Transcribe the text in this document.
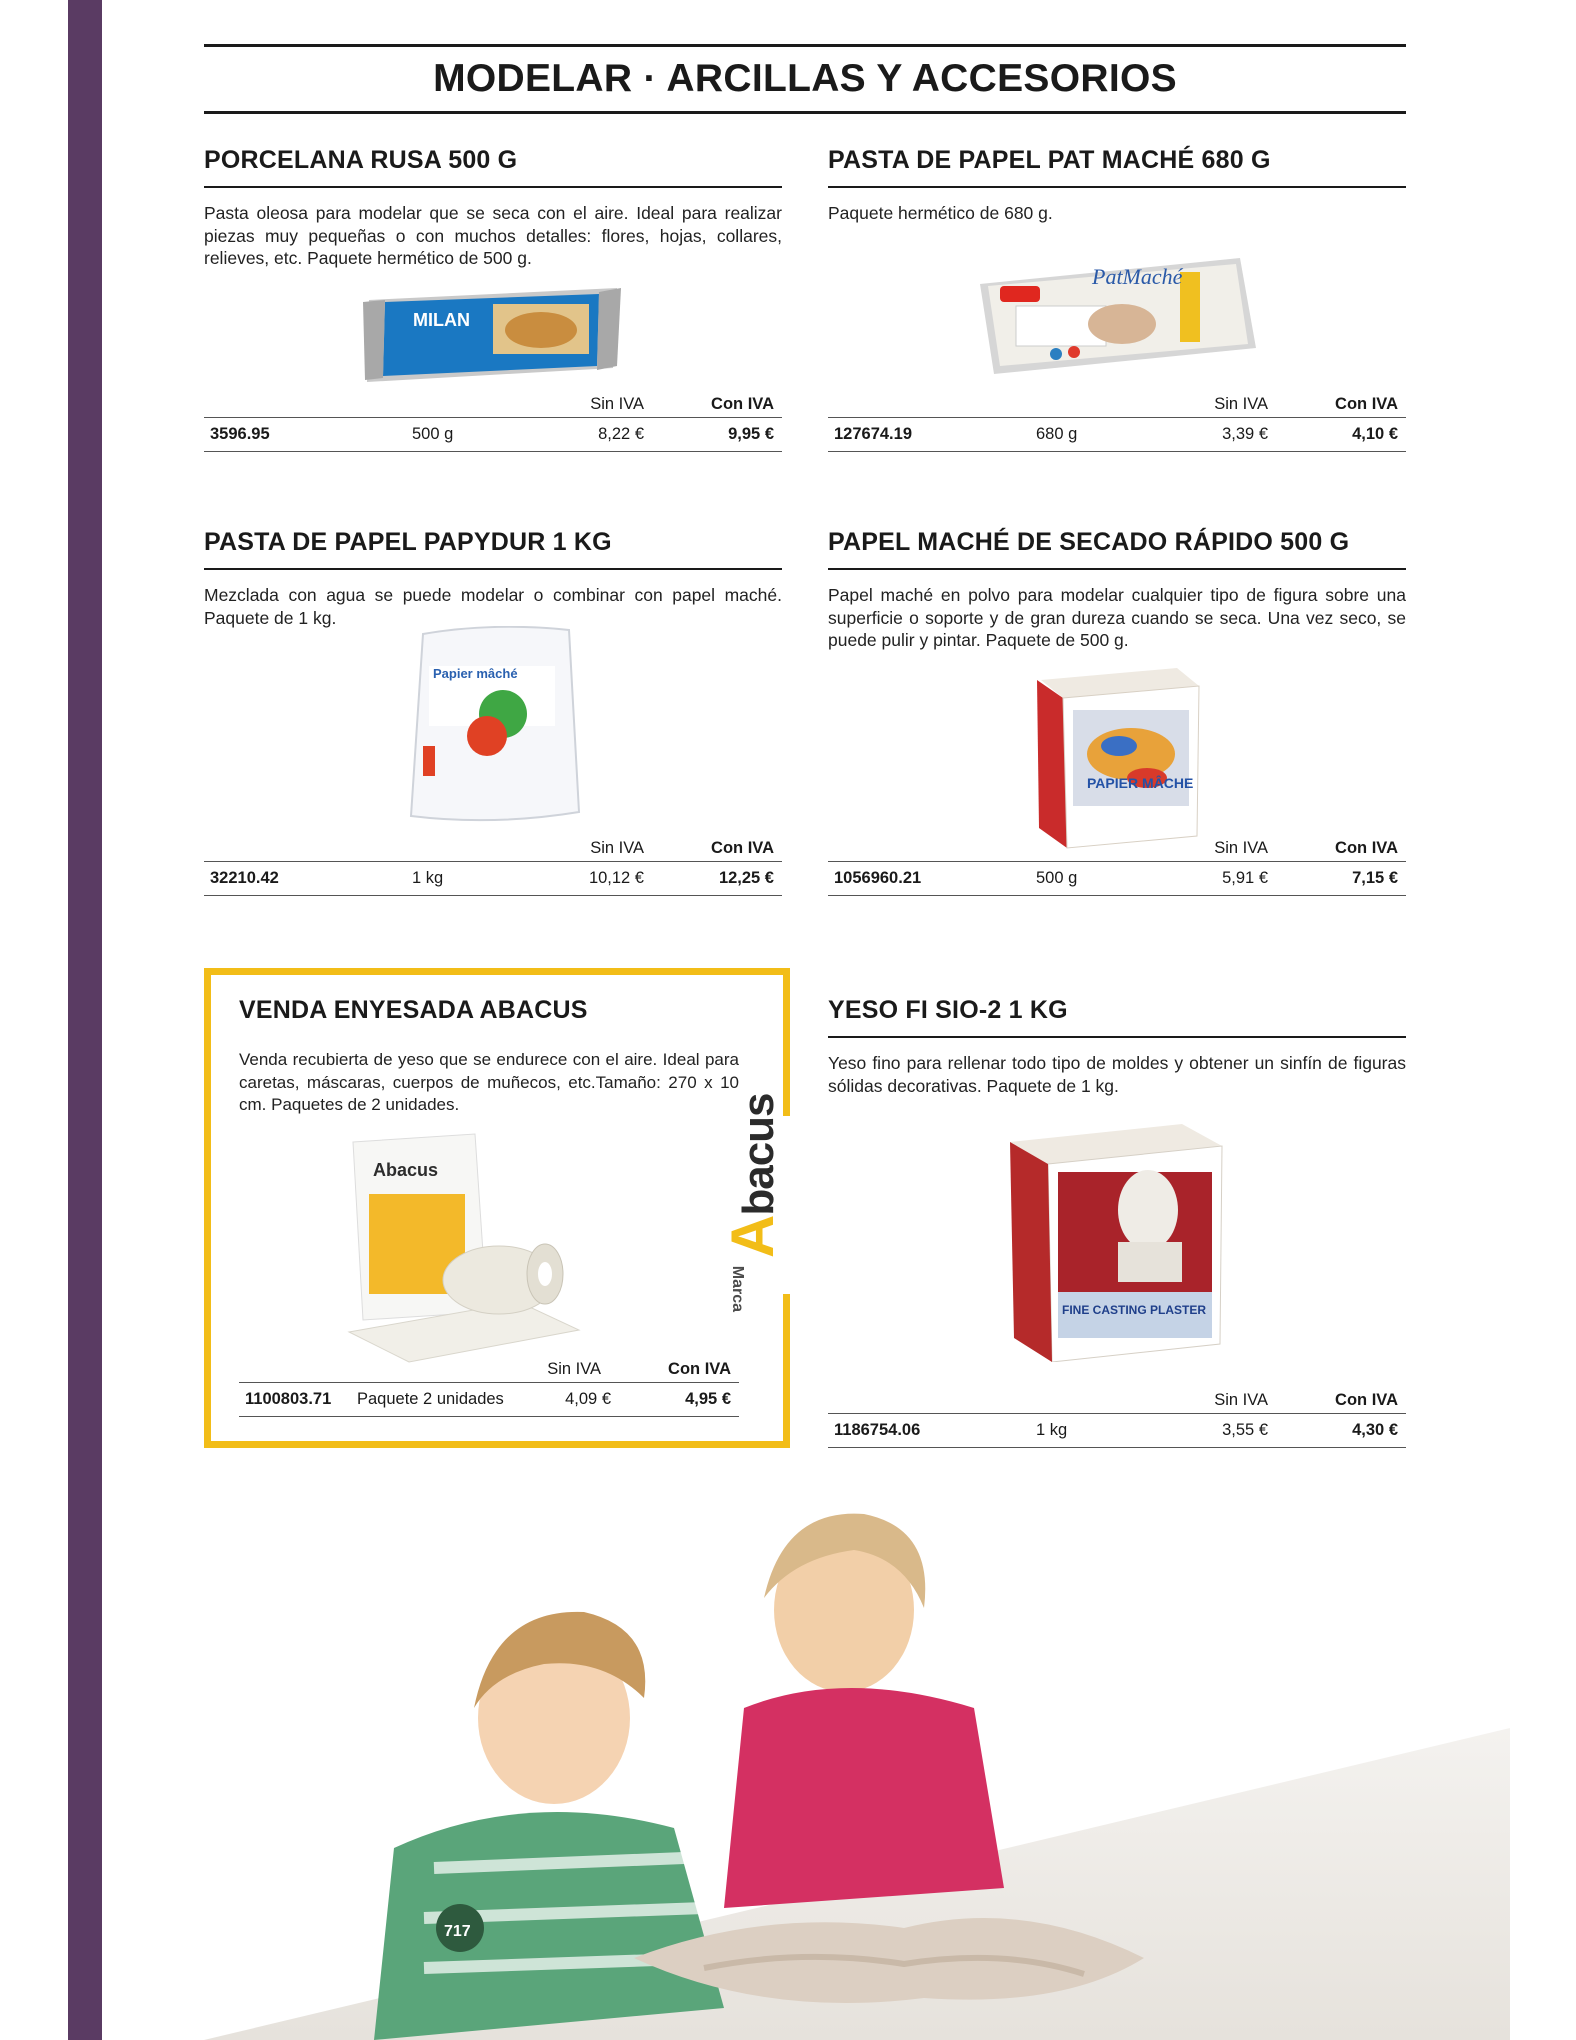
MODELAR · ARCILLAS Y ACCESORIOS
PORCELANA RUSA 500 G

Pasta oleosa para modelar que se seca con el aire. Ideal para realizar piezas muy pequeñas o con muchos detalles: flores, hojas, collares, relieves, etc. Paquete hermético de 500 g.

MILAN
Sin IVA	Con IVA
3596.95	500 g	8,22 €	9,95 €
PASTA DE PAPEL PAT MACHÉ 680 G

Paquete hermético de 680 g.

PatMaché
Sin IVA	Con IVA
127674.19	680 g	3,39 €	4,10 €
PASTA DE PAPEL PAPYDUR 1 KG

Mezclada con agua se puede modelar o combinar con papel maché. Paquete de 1 kg.

Papier mâché
Sin IVA	Con IVA
32210.42	1 kg	10,12 €	12,25 €
PAPEL MACHÉ DE SECADO RÁPIDO 500 G

Papel maché en polvo para modelar cualquier tipo de figura sobre una superficie o soporte y de gran dureza cuando se seca. Una vez seco, se puede pulir y pintar. Paquete de 500 g.

PAPIER MÂCHE
Sin IVA	Con IVA
1056960.21	500 g	5,91 €	7,15 €
VENDA ENYESADA ABACUS

Venda recubierta de yeso que se endurece con el aire. Ideal para caretas, máscaras, cuerpos de muñecos, etc.Tamaño: 270 x 10 cm. Paquetes de 2 unidades.

Abacus
Sin IVA	Con IVA
1100803.71	Paquete 2 unidades	4,09 €	4,95 €
Marca
Abacus
YESO FI SIO-2 1 KG

Yeso fino para rellenar todo tipo de moldes y obtener un sinfín de figuras sólidas decorativas. Paquete de 1 kg.

FINE CASTING PLASTER
Sin IVA	Con IVA
1186754.06	1 kg	3,55 €	4,30 €
717
